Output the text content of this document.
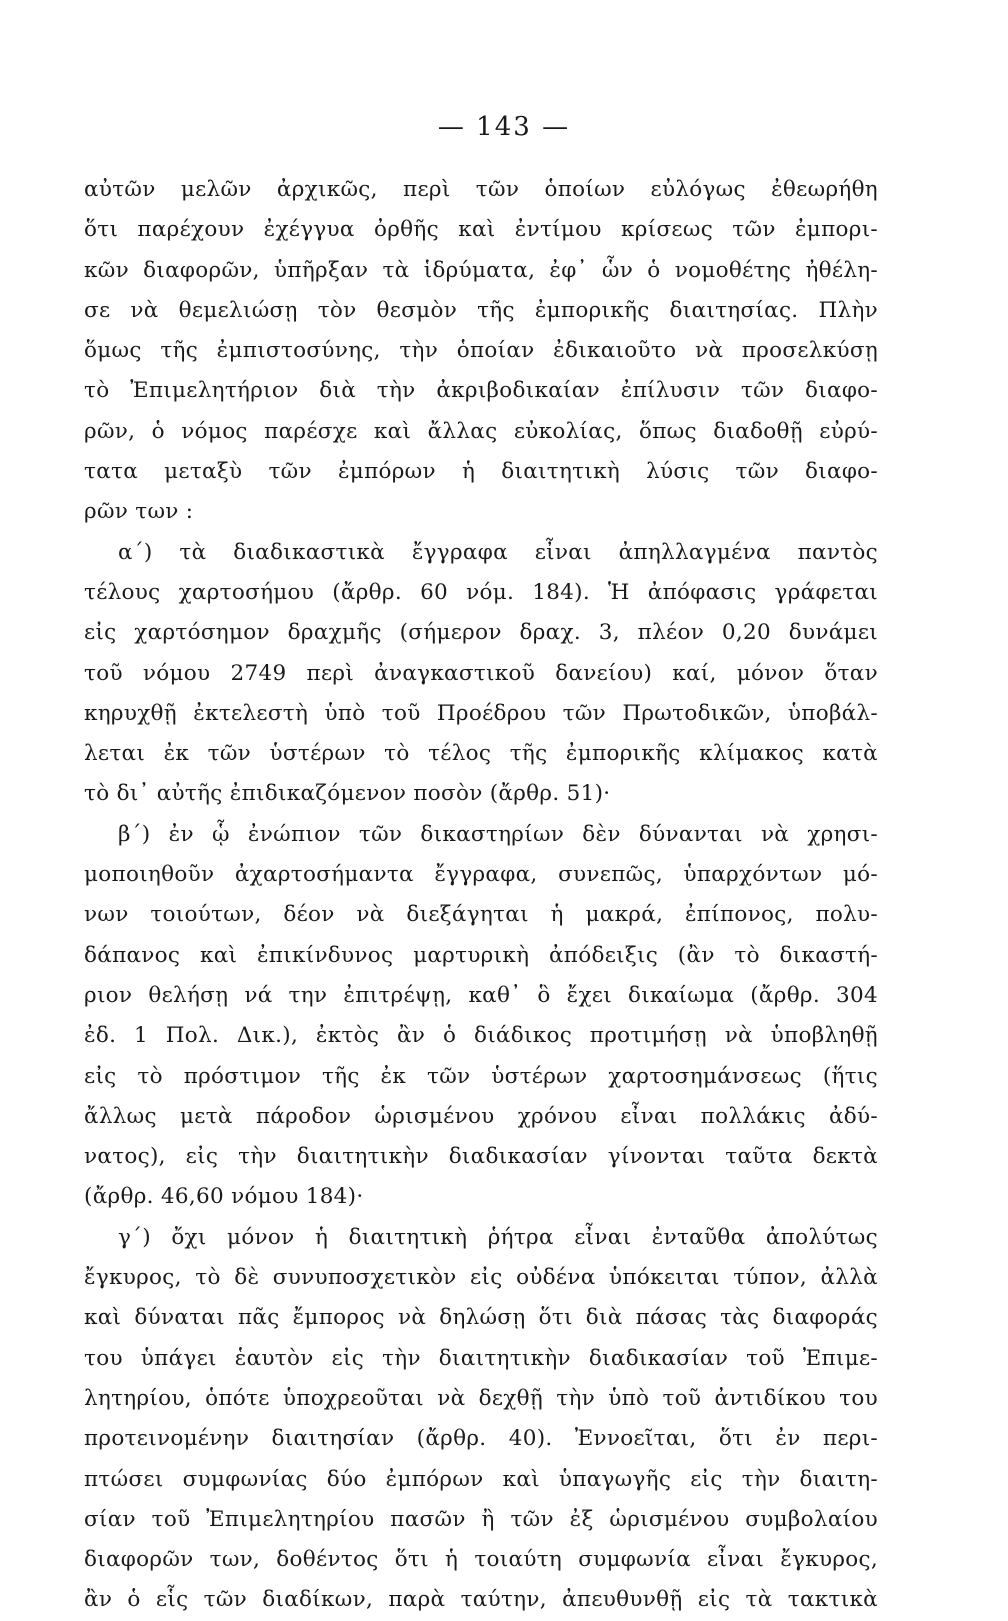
— 143 —
αὐτῶν μελῶν ἀρχικῶς, περὶ τῶν ὁποίων εὐλόγως ἐθεωρήθη
ὅτι παρέχουν ἐχέγγυα ὀρθῆς καὶ ἐντίμου κρίσεως τῶν ἐμπορι-
κῶν διαφορῶν, ὑπῆρξαν τὰ ἱδρύματα, ἐφ᾿ ὧν ὁ νομοθέτης ἠθέλη-
σε νὰ θεμελιώσῃ τὸν θεσμὸν τῆς ἐμπορικῆς διαιτησίας. Πλὴν
ὅμως τῆς ἐμπιστοσύνης, τὴν ὁποίαν ἐδικαιοῦτο νὰ προσελκύσῃ
τὸ Ἐπιμελητήριον διὰ τὴν ἀκριβοδικαίαν ἐπίλυσιν τῶν διαφο-
ρῶν, ὁ νόμος παρέσχε καὶ ἄλλας εὐκολίας, ὅπως διαδοθῇ εὐρύ-
τατα μεταξὺ τῶν ἐμπόρων ἡ διαιτητικὴ λύσις τῶν διαφο-
ρῶν των :
α΄) τὰ διαδικαστικὰ ἔγγραφα εἶναι ἀπηλλαγμένα παντὸς
τέλους χαρτοσήμου (ἄρθρ. 60 νόμ. 184). Ἡ ἀπόφασις γράφεται
εἰς χαρτόσημον δραχμῆς (σήμερον δραχ. 3, πλέον 0,20 δυνάμει
τοῦ νόμου 2749 περὶ ἀναγκαστικοῦ δανείου) καί, μόνον ὅταν
κηρυχθῇ ἐκτελεστὴ ὑπὸ τοῦ Προέδρου τῶν Πρωτοδικῶν, ὑποβάλ-
λεται ἐκ τῶν ὑστέρων τὸ τέλος τῆς ἐμπορικῆς κλίμακος κατὰ
τὸ δι᾿ αὐτῆς ἐπιδικαζόμενον ποσὸν (ἄρθρ. 51)·
β΄) ἐν ᾧ ἐνώπιον τῶν δικαστηρίων δὲν δύνανται νὰ χρησι-
μοποιηθοῦν ἀχαρτοσήμαντα ἔγγραφα, συνεπῶς, ὑπαρχόντων μό-
νων τοιούτων, δέον νὰ διεξάγηται ἡ μακρά, ἐπίπονος, πολυ-
δάπανος καὶ ἐπικίνδυνος μαρτυρικὴ ἀπόδειξις (ἂν τὸ δικαστή-
ριον θελήσῃ νά την ἐπιτρέψῃ, καθ᾿ ὃ ἔχει δικαίωμα (ἄρθρ. 304
ἐδ. 1 Πολ. Δικ.), ἐκτὸς ἂν ὁ διάδικος προτιμήσῃ νὰ ὑποβληθῇ
εἰς τὸ πρόστιμον τῆς ἐκ τῶν ὑστέρων χαρτοσημάνσεως (ἥτις
ἄλλως μετὰ πάροδον ὡρισμένου χρόνου εἶναι πολλάκις ἀδύ-
νατος), εἰς τὴν διαιτητικὴν διαδικασίαν γίνονται ταῦτα δεκτὰ
(ἄρθρ. 46,60 νόμου 184)·
γ΄) ὄχι μόνον ἡ διαιτητικὴ ῥήτρα εἶναι ἐνταῦθα ἀπολύτως
ἔγκυρος, τὸ δὲ συνυποσχετικὸν εἰς οὐδένα ὑπόκειται τύπον, ἀλλὰ
καὶ δύναται πᾶς ἔμπορος νὰ δηλώσῃ ὅτι διὰ πάσας τὰς διαφοράς
του ὑπάγει ἑαυτὸν εἰς τὴν διαιτητικὴν διαδικασίαν τοῦ Ἐπιμε-
λητηρίου, ὁπότε ὑποχρεοῦται νὰ δεχθῇ τὴν ὑπὸ τοῦ ἀντιδίκου του
προτεινομένην διαιτησίαν (ἄρθρ. 40). Ἐννοεῖται, ὅτι ἐν περι-
πτώσει συμφωνίας δύο ἐμπόρων καὶ ὑπαγωγῆς εἰς τὴν διαιτη-
σίαν τοῦ Ἐπιμελητηρίου πασῶν ἢ τῶν ἐξ ὡρισμένου συμβολαίου
διαφορῶν των, δοθέντος ὅτι ἡ τοιαύτη συμφωνία εἶναι ἔγκυρος,
ἂν ὁ εἷς τῶν διαδίκων, παρὰ ταύτην, ἀπευθυνθῇ εἰς τὰ τακτικὰ
